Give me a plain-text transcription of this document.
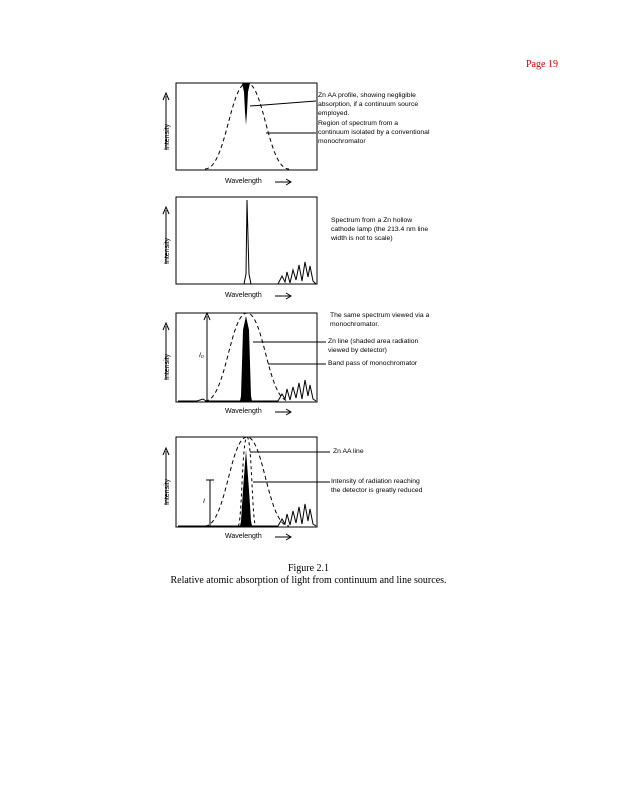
Page 19
Intensity
Wavelength
Intensity
Wavelength
Intensity
Wavelength
I₀
Intensity
Wavelength
I
Zn AA profile, showing negligible
absorption, if a continuum source
employed.
Region of spectrum from a
continuum isolated by a conventional
monochromator
Spectrum from a Zn hollow
cathode lamp (the 213.4 nm line
width is not to scale)
The same spectrum viewed via a
monochromator.
Zn line (shaded area radiation
viewed by detector)
Band pass of monochromator
Zn AA line
Intensity of radiation reaching
the detector is greatly reduced
Figure 2.1
Relative atomic absorption of light from continuum and line sources.
